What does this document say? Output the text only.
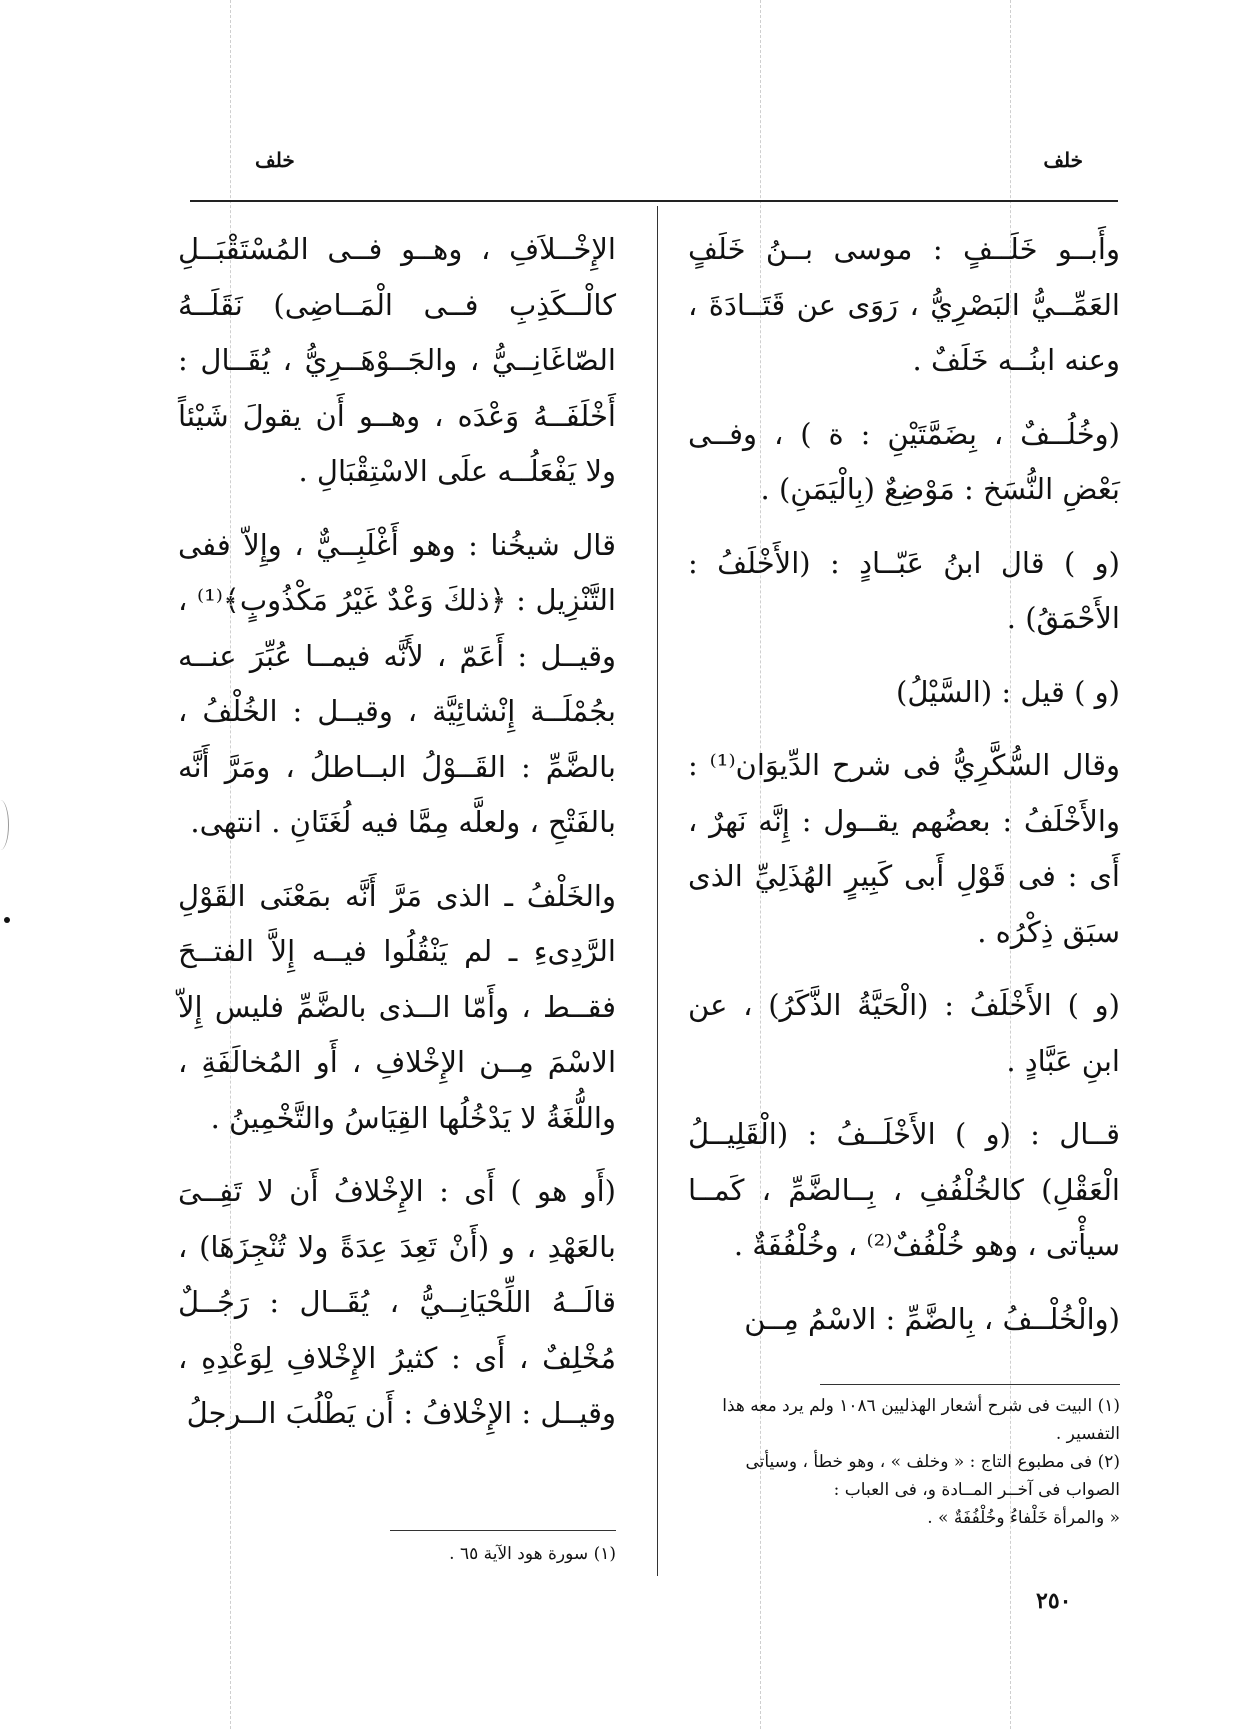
خلف
خلف

وأَبــو خَلَــفٍ : موسى بــنُ خَلَفٍ العَمِّــيُّ البَصْرِيُّ ، رَوَى عن قَتَــادَةَ ، وعنه ابنُــه خَلَفٌ .

(وخُلُــفٌ ، بِضَمَّتَيْنِ : ة ) ، وفــى بَعْضِ النُّسَخ : مَوْضِعٌ (بِالْيَمَنِ) .

(و ) قال ابنُ عَبّــادٍ : (الأَخْلَفُ : الأَحْمَقُ) .

(و ) قيل : (السَّيْلُ)

وقال السُّكَّرِيُّ فى شرح الدِّيوَان⁽¹⁾ : والأَخْلَفُ : بعضُهم يقــول : إِنَّه نَهرٌ ، أَى : فى قَوْلِ أَبى كَبِيرٍ الهُذَلِيِّ الذى سبَق ذِكْرُه .

(و ) الأَخْلَفُ : (الْحَيَّةُ الذَّكَرُ) ، عن ابنِ عَبَّادٍ .

قــال : (و ) الأَخْلَــفُ : (الْقَلِيــلُ الْعَقْلِ) كالخُلْفُفِ ، بِــالضَّمِّ ، كَمــا سيأْتى ، وهو خُلْفُفٌ⁽²⁾ ، وخُلْفُفَةٌ .

(والْخُلْــفُ ، بِالضَّمِّ : الاسْمُ مِــن

(١) البيت فى شرح أشعار الهذليين ١٠٨٦ ولم يرد معه هذا التفسير .
(٢) فى مطبوع التاج : « وخلف » ، وهو خطأ ، وسيأتى الصواب فى آخــر المــادة و، فى العباب :
« والمرأة خَلْفاءُ وخُلْفُفَةٌ » .

الإِخْــلاَفِ ، وهــو فــى المُسْتَقْبَــلِ كالْــكَذِبِ فــى الْمَــاضِى) نَقَلَــهُ الصّاغَانِــيُّ ، والجَــوْهَــرِيُّ ، يُقَــال : أَخْلَفَــهُ وَعْدَه ، وهــو أَن يقولَ شَيْئاً ولا يَفْعَلُــه علَى الاسْتِقْبَالِ .

قال شيخُنا : وهو أَغْلَبِــيٌّ ، وإِلاّ ففى التَّنْزِيل : ﴿ذلكَ وَعْدٌ غَيْرُ مَكْذُوبٍ﴾⁽¹⁾ ، وقيــل : أَعَمّ ، لأَنَّه فيمــا عُبِّرَ عنــه بجُمْلَــة إِنْشائِيَّة ، وقيــل : الخُلْفُ ، بالضَّمِّ : القَــوْلُ البــاطلُ ، ومَرَّ أَنَّه بالفَتْحِ ، ولعلَّه مِمَّا فيه لُغَتَانِ . انتهى.

والخَلْفُ ـ الذى مَرَّ أَنَّه بمَعْنَى القَوْلِ الرَّدِىءِ ـ لم يَنْقُلُوا فيــه إِلاَّ الفتــحَ فقــط ، وأَمّا الــذى بالضَّمِّ فليس إِلاّ الاسْمَ مِــن الإِخْلافِ ، أَو المُخالَفَةِ ، واللُّغَةُ لا يَدْخُلُها القِيَاسُ والتَّخْمِينُ .

(أَو هو ) أَى : الإِخْلافُ أَن لا تَفِــىَ بالعَهْدِ ، و (أَنْ تَعِدَ عِدَةً ولا تُنْجِزَهَا) ، قالَــهُ اللِّحْيَانِــيُّ ، يُقَــال : رَجُــلٌ مُخْلِفٌ ، أَى : كثيرُ الإِخْلافِ لِوَعْدِهِ ، وقيــل : الإِخْلافُ : أَن يَطْلُبَ الــرجلُ

(١) سورة هود الآية ٦٥ .
٢٥٠
